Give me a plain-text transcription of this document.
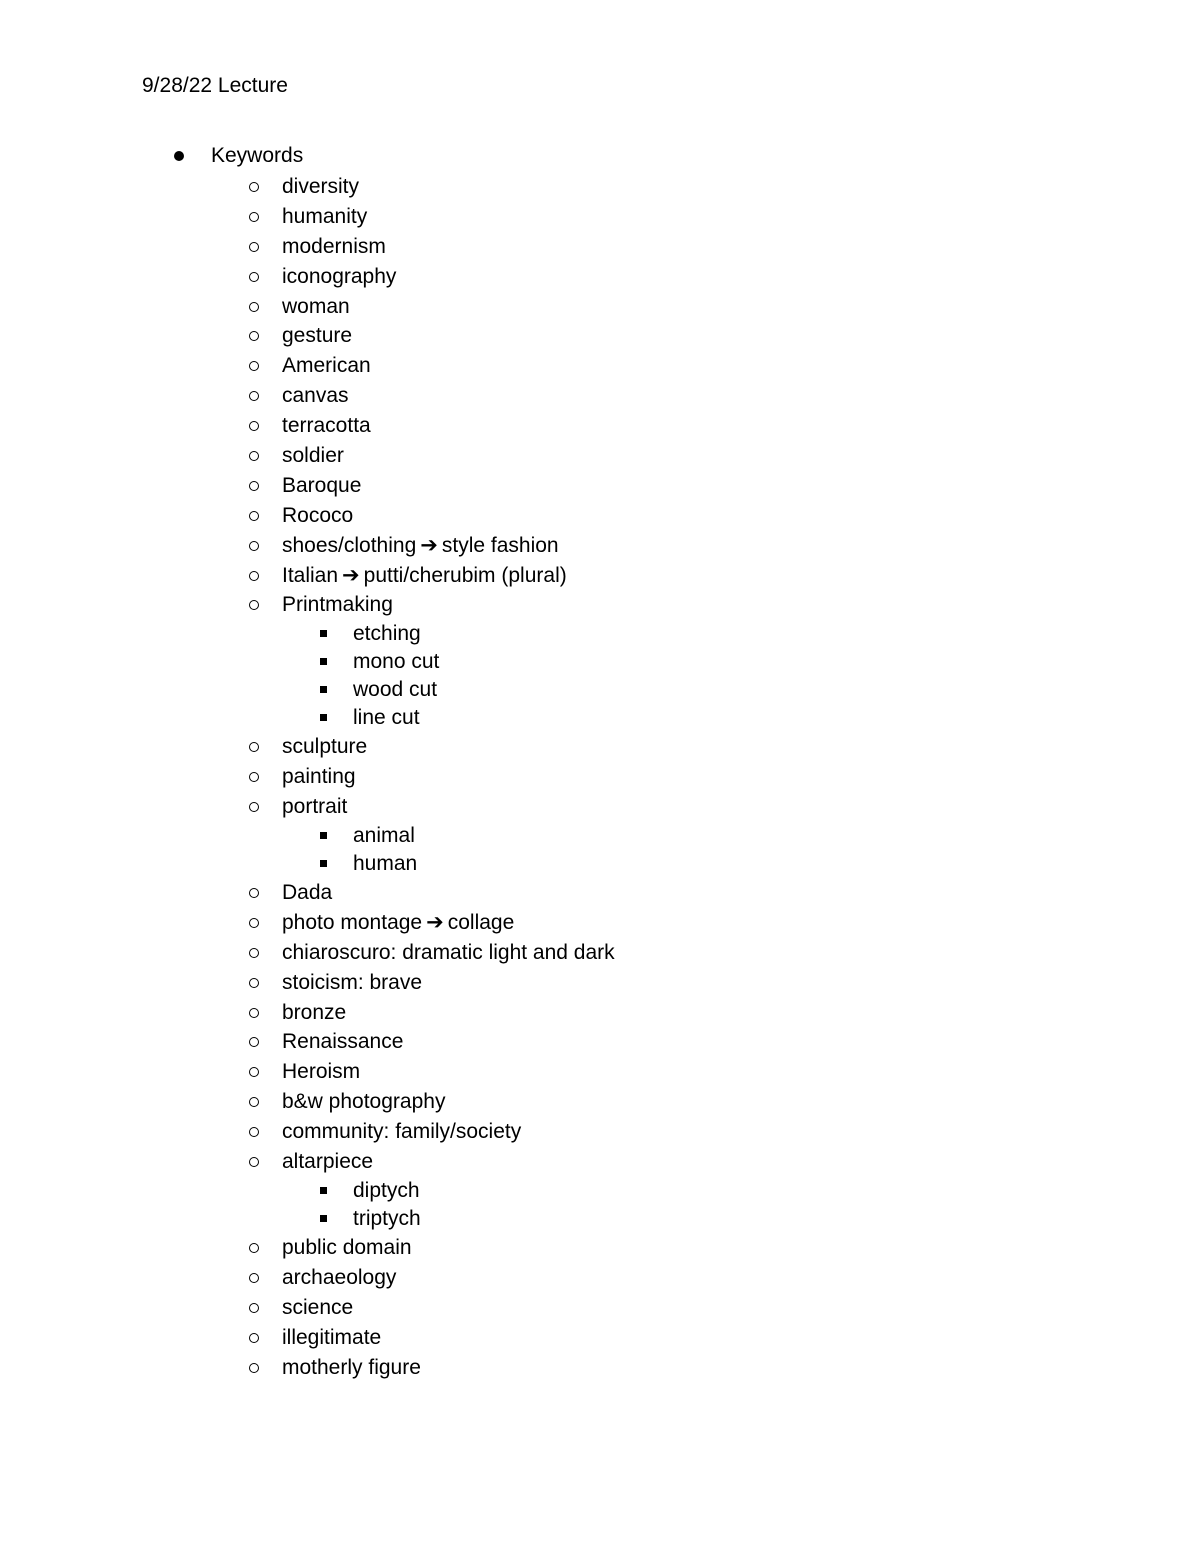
9/28/22 Lecture
Keywords
diversity
humanity
modernism
iconography
woman
gesture
American
canvas
terracotta
soldier
Baroque
Rococo
shoes/clothing ➔ style fashion
Italian ➔ putti/cherubim (plural)
Printmaking
etching
mono cut
wood cut
line cut
sculpture
painting
portrait
animal
human
Dada
photo montage ➔ collage
chiaroscuro: dramatic light and dark
stoicism: brave
bronze
Renaissance
Heroism
b&w photography
community: family/society
altarpiece
diptych
triptych
public domain
archaeology
science
illegitimate
motherly figure
